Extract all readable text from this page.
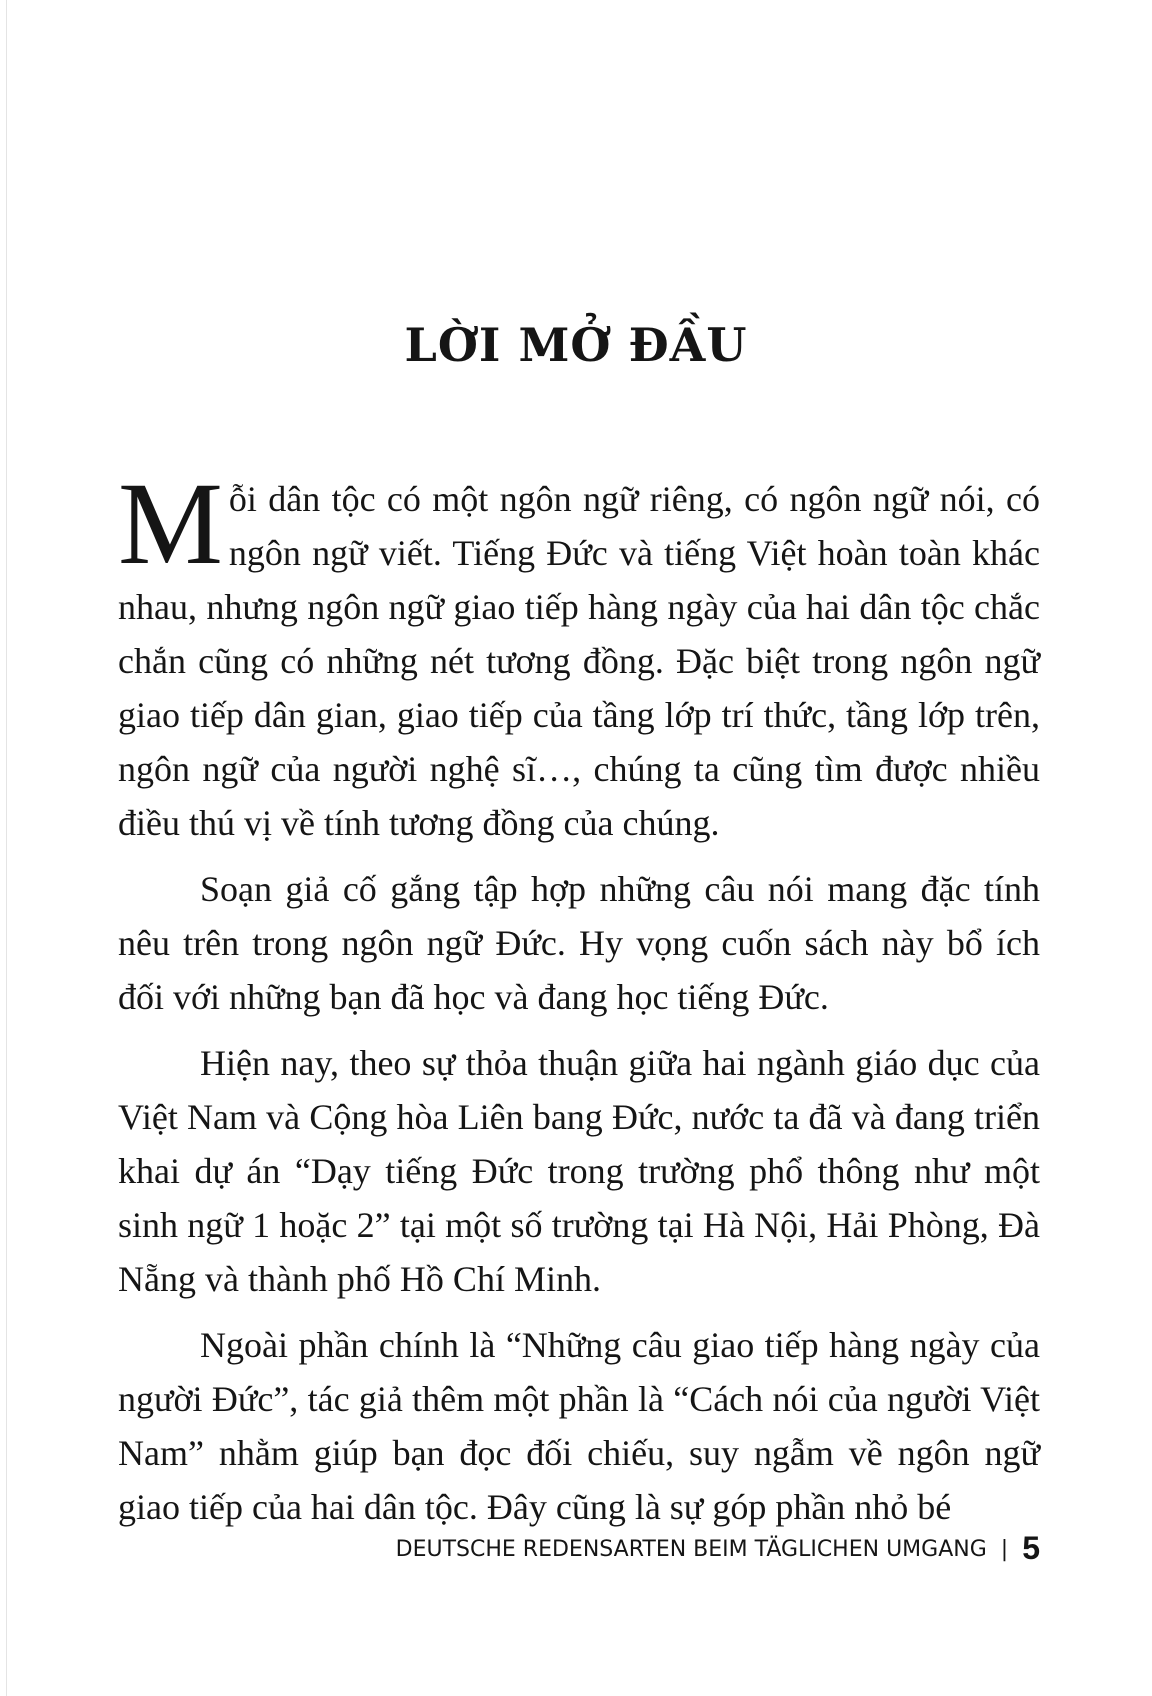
LỜI MỞ ĐẦU

Mỗi dân tộc có một ngôn ngữ riêng, có ngôn ngữ nói, có ngôn ngữ viết. Tiếng Đức và tiếng Việt hoàn toàn khác nhau, nhưng ngôn ngữ giao tiếp hàng ngày của hai dân tộc chắc chắn cũng có những nét tương đồng. Đặc biệt trong ngôn ngữ giao tiếp dân gian, giao tiếp của tầng lớp trí thức, tầng lớp trên, ngôn ngữ của người nghệ sĩ…, chúng ta cũng tìm được nhiều điều thú vị về tính tương đồng của chúng.

Soạn giả cố gắng tập hợp những câu nói mang đặc tính nêu trên trong ngôn ngữ Đức. Hy vọng cuốn sách này bổ ích đối với những bạn đã học và đang học tiếng Đức.

Hiện nay, theo sự thỏa thuận giữa hai ngành giáo dục của Việt Nam và Cộng hòa Liên bang Đức, nước ta đã và đang triển khai dự án “Dạy tiếng Đức trong trường phổ thông như một sinh ngữ 1 hoặc 2” tại một số trường tại Hà Nội, Hải Phòng, Đà Nẵng và thành phố Hồ Chí Minh.

Ngoài phần chính là “Những câu giao tiếp hàng ngày của người Đức”, tác giả thêm một phần là “Cách nói của người Việt Nam” nhằm giúp bạn đọc đối chiếu, suy ngẫm về ngôn ngữ giao tiếp của hai dân tộc. Đây cũng là sự góp phần nhỏ bé

DEUTSCHE REDENSARTEN BEIM TÄGLICHEN UMGANG | 5
